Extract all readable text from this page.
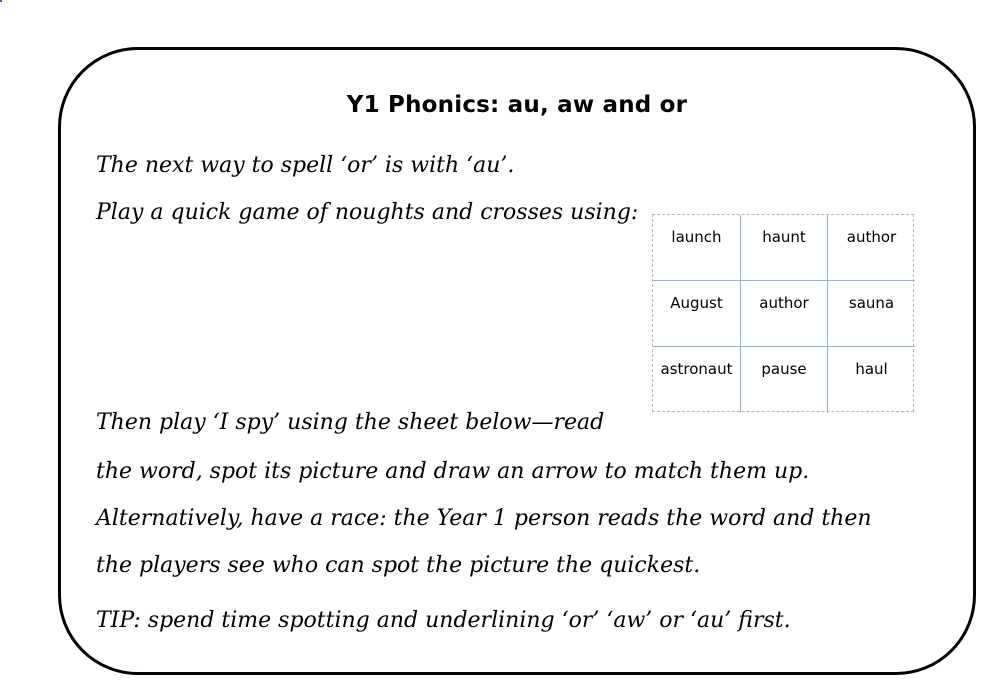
Y1 Phonics: au, aw and or
The next way to spell ‘or’ is with ‘au’.
Play a quick game of noughts and crosses using:
Then play ‘I spy’ using the sheet below—read
the word, spot its picture and draw an arrow to match them up.
Alternatively, have a race: the Year 1 person reads the word and then
the players see who can spot the picture the quickest.
TIP: spend time spotting and underlining ‘or’ ‘aw’ or ‘au’ first.
launch	haunt	author
August	author	sauna
astronaut	pause	haul
